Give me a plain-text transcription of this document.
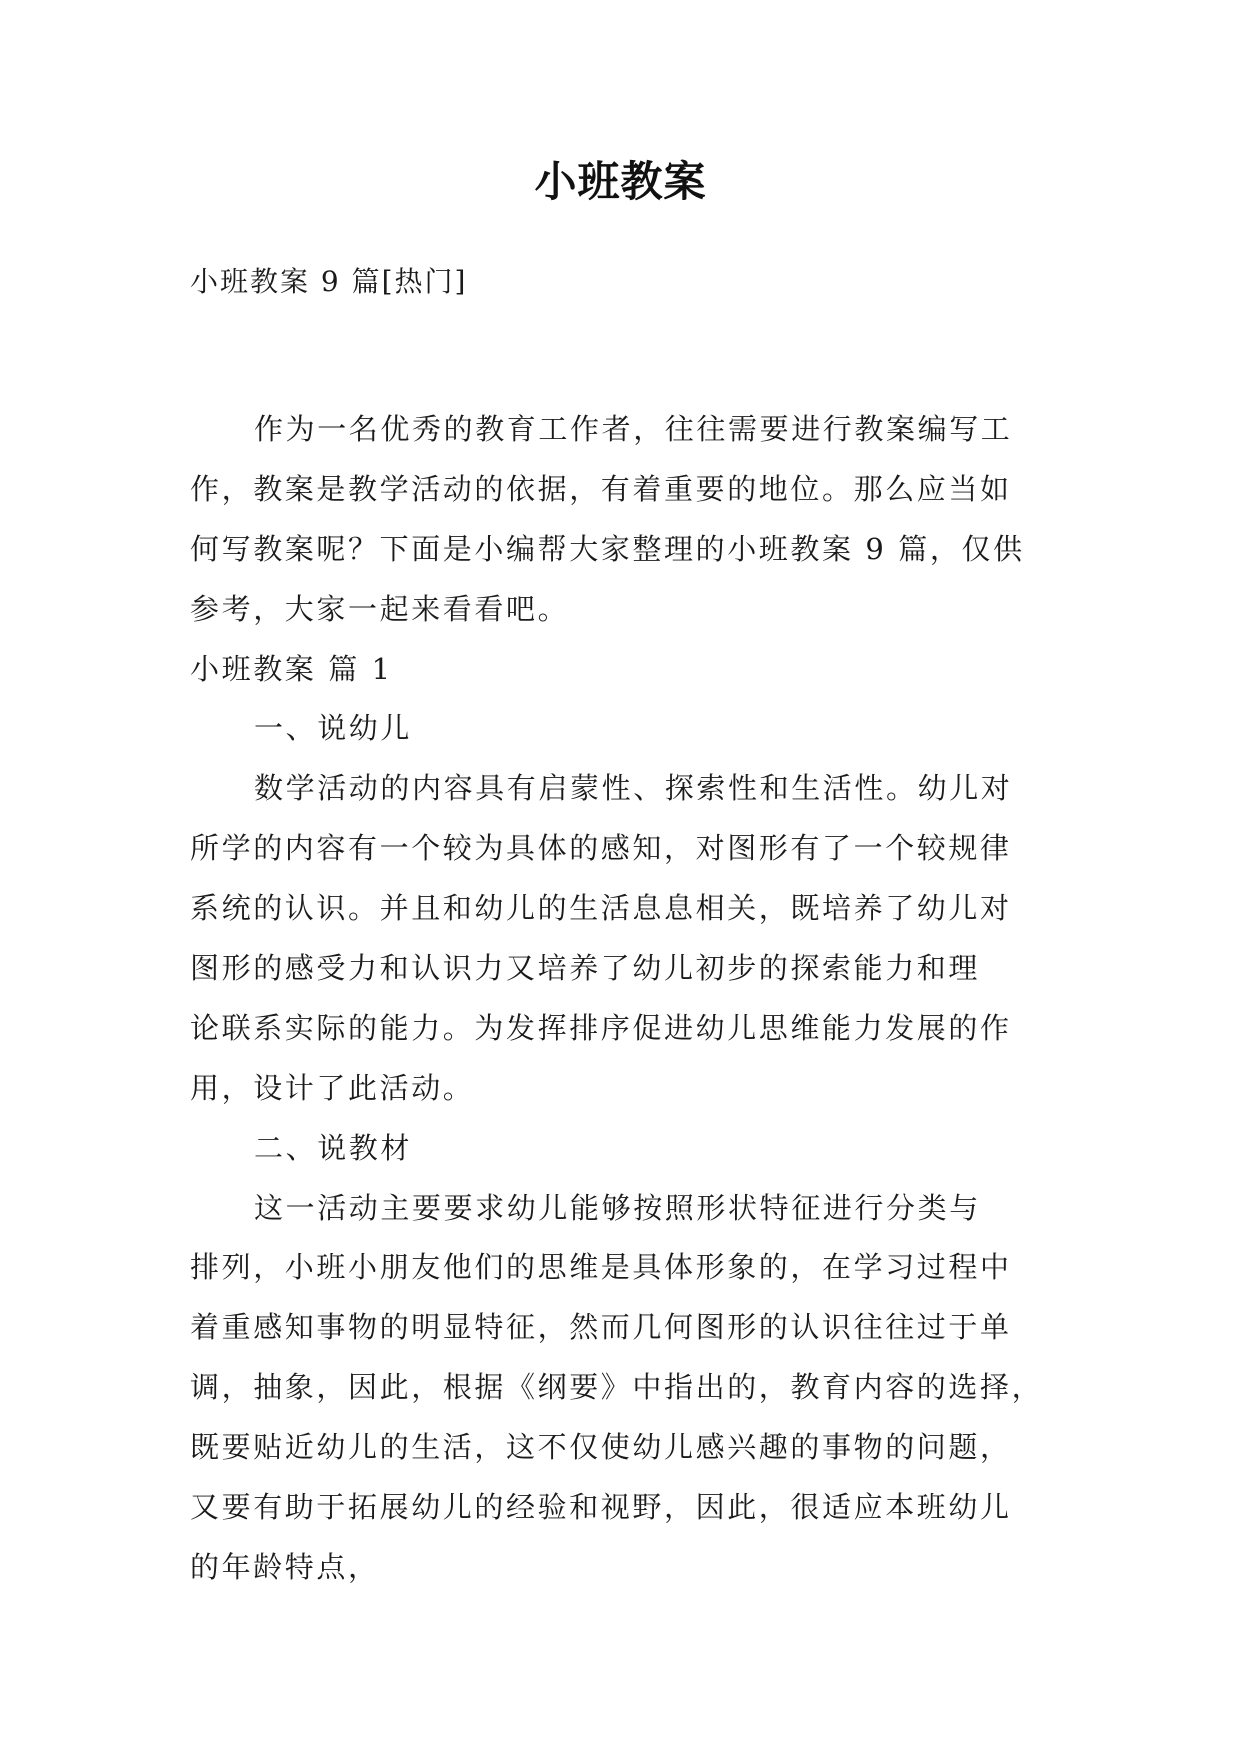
小班教案
小班教案 9 篇[热门]
作为一名优秀的教育工作者，往往需要进行教案编写工
作，教案是教学活动的依据，有着重要的地位。那么应当如
何写教案呢？下面是小编帮大家整理的小班教案 9 篇，仅供
参考，大家一起来看看吧。
小班教案 篇 1
一、说幼儿
数学活动的内容具有启蒙性、探索性和生活性。幼儿对
所学的内容有一个较为具体的感知，对图形有了一个较规律
系统的认识。并且和幼儿的生活息息相关，既培养了幼儿对
图形的感受力和认识力又培养了幼儿初步的探索能力和理
论联系实际的能力。为发挥排序促进幼儿思维能力发展的作
用，设计了此活动。
二、说教材
这一活动主要要求幼儿能够按照形状特征进行分类与
排列，小班小朋友他们的思维是具体形象的，在学习过程中
着重感知事物的明显特征，然而几何图形的认识往往过于单
调，抽象，因此，根据《纲要》中指出的，教育内容的选择，
既要贴近幼儿的生活，这不仅使幼儿感兴趣的事物的问题，
又要有助于拓展幼儿的经验和视野，因此，很适应本班幼儿
的年龄特点，
